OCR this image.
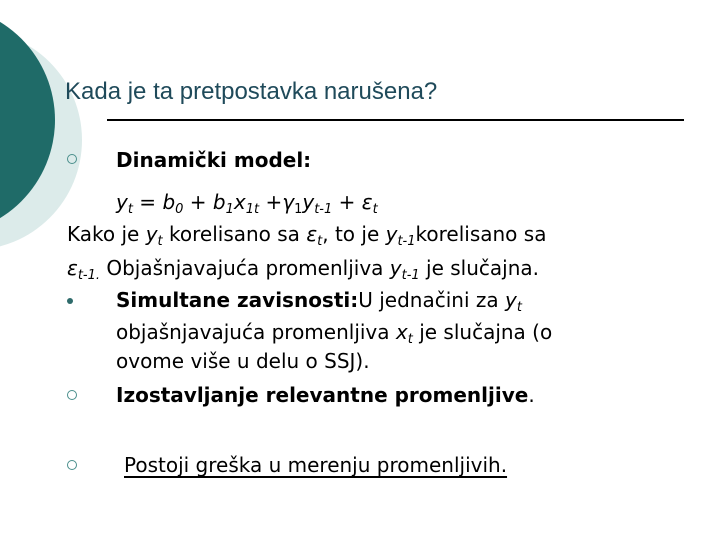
Kada je ta pretpostavka narušena?
Dinamički model:
$y_t = b_0 + b_1x_{1t} +\gamma_1y_{t-1} + \varepsilon_t$
Kako je $y_t$ korelisano sa $\varepsilon_t$, to je $y_{t-1}korelisano$ sa
$\varepsilon_{t-1.}$ Objašnjavajuća promenljiva $y_{t-1}$ je slučajna.
Simultane zavisnosti:U jednačini za $y_t$
objašnjavajuća promenljiva $x_t$ je slučajna (o
ovome više u delu o SSJ).
Izostavljanje relevantne promenljive.
Postoji greška u merenju promenljivih.
